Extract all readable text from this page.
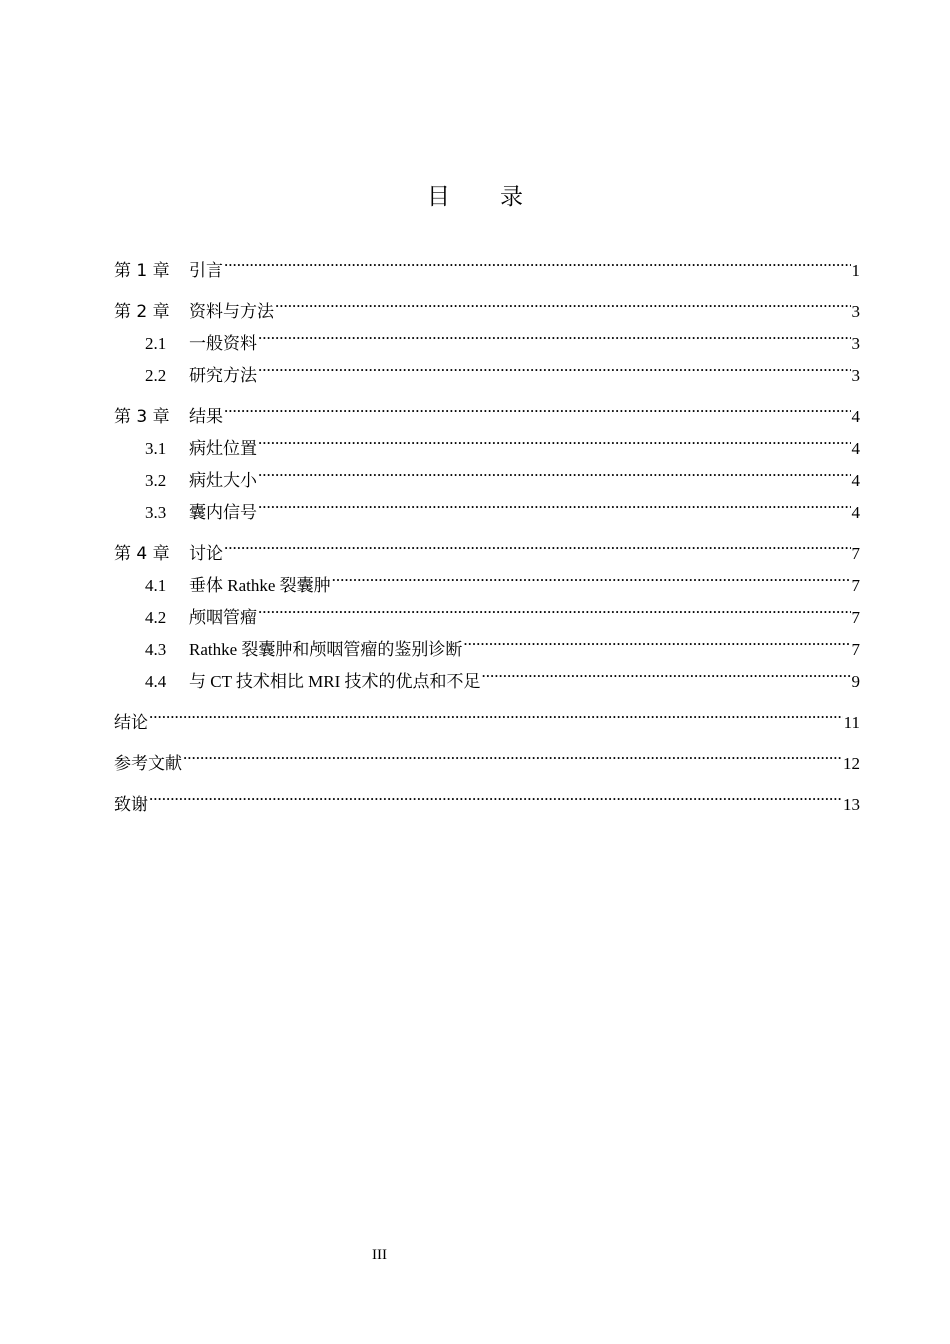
目 录
第 1 章	引言 .....	1
第 2 章	资料与方法 .....	3
2.1	一般资料 .....	3
2.2	研究方法 .....	3
第 3 章	结果 .....	4
3.1	病灶位置 .....	4
3.2	病灶大小 .....	4
3.3	囊内信号 .....	4
第 4 章	讨论 .....	7
4.1	垂体 Rathke 裂囊肿 .....	7
4.2	颅咽管瘤 .....	7
4.3	Rathke 裂囊肿和颅咽管瘤的鉴别诊断 .....	7
4.4	与 CT 技术相比 MRI 技术的优点和不足 .....	9
结论 .....	11
参考文献 .....	12
致谢 .....	13
III
